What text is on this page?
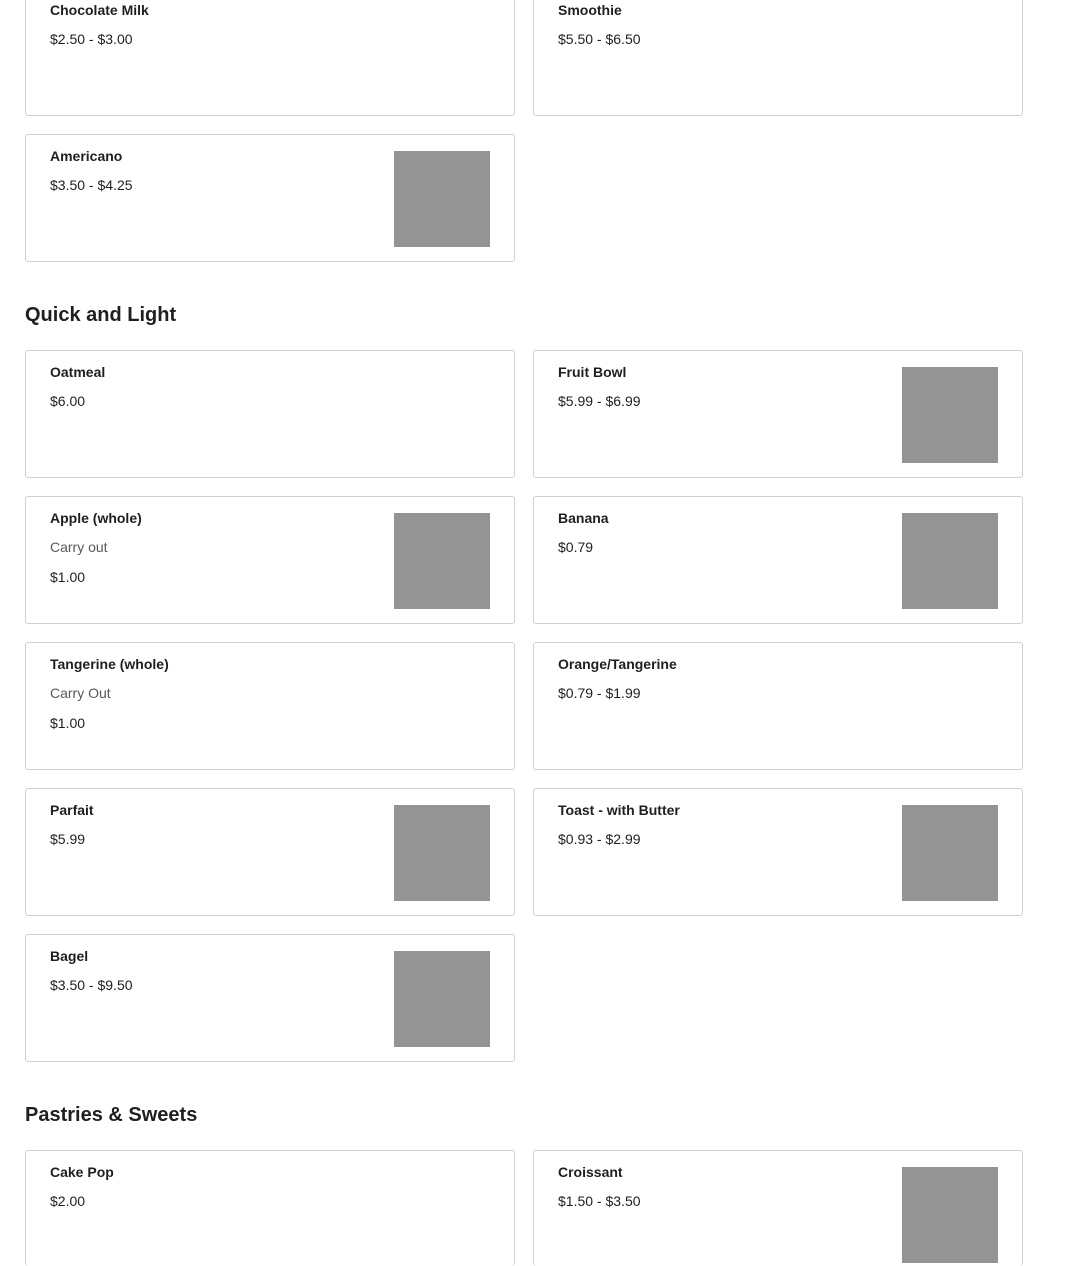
Chocolate Milk
$2.50 - $3.00
Smoothie
$5.50 - $6.50
Americano
$3.50 - $4.25
Quick and Light
Oatmeal
$6.00
Fruit Bowl
$5.99 - $6.99
Apple (whole)
Carry out
$1.00
Banana
$0.79
Tangerine (whole)
Carry Out
$1.00
Orange/Tangerine
$0.79 - $1.99
Parfait
$5.99
Toast - with Butter
$0.93 - $2.99
Bagel
$3.50 - $9.50
Pastries & Sweets
Cake Pop
$2.00
Croissant
$1.50 - $3.50
